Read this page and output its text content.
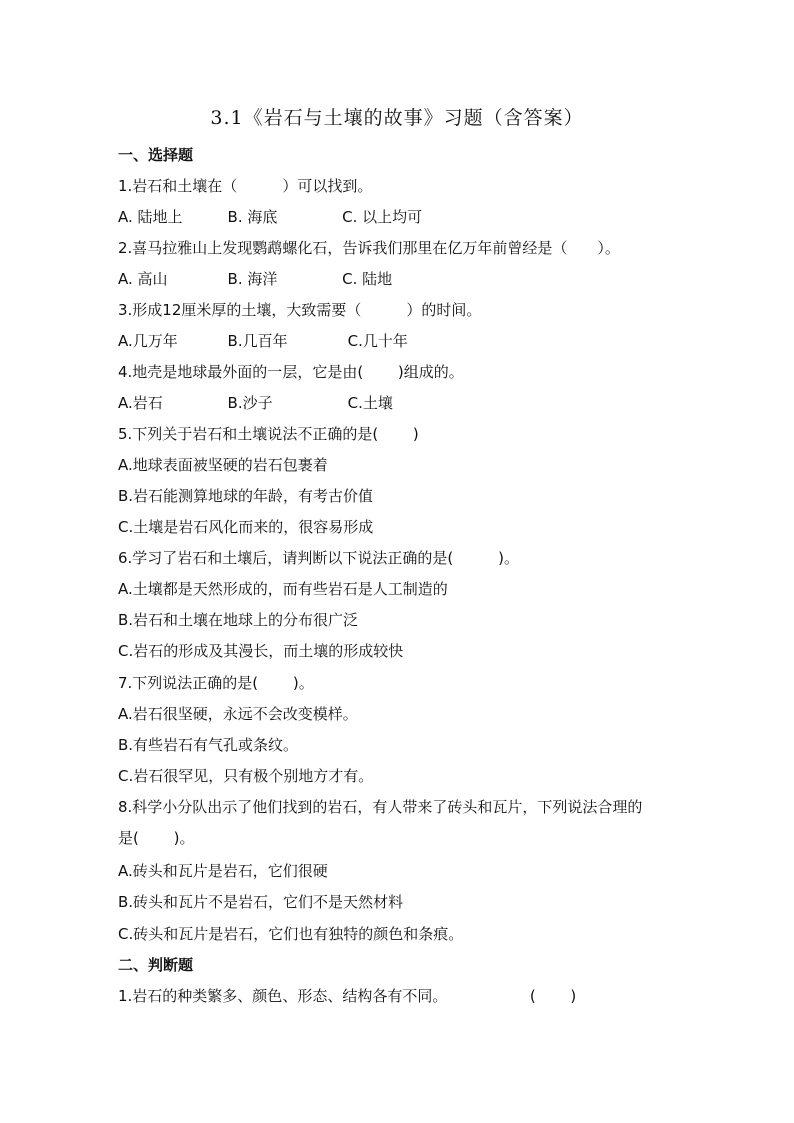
3.1《岩石与土壤的故事》习题（含答案）
一、选择题
1.岩石和土壤在（　　　）可以找到。
A. 陆地上　　　B. 海底　　　　 C. 以上均可
2.喜马拉雅山上发现鹦鹉螺化石，告诉我们那里在亿万年前曾经是（　　）。
A. 高山　　　　B. 海洋　　　　 C. 陆地
3.形成12厘米厚的土壤，大致需要（　　　）的时间。
A.几万年　　　 B.几百年　　　　C.几十年
4.地壳是地球最外面的一层，它是由(　　 )组成的。
A.岩石　　　　 B.沙子　　　　　C.土壤
5.下列关于岩石和土壤说法不正确的是(　　 )
A.地球表面被坚硬的岩石包裹着
B.岩石能测算地球的年龄，有考古价值
C.土壤是岩石风化而来的，很容易形成
6.学习了岩石和土壤后，请判断以下说法正确的是(　　　)。
A.土壤都是天然形成的，而有些岩石是人工制造的
B.岩石和土壤在地球上的分布很广泛
C.岩石的形成及其漫长，而土壤的形成较快
7.下列说法正确的是(　　 )。
A.岩石很坚硬，永远不会改变模样。
B.有些岩石有气孔或条纹。
C.岩石很罕见，只有极个别地方才有。
8.科学小分队出示了他们找到的岩石，有人带来了砖头和瓦片，下列说法合理的
是(　　 )。
A.砖头和瓦片是岩石，它们很硬
B.砖头和瓦片不是岩石，它们不是天然材料
C.砖头和瓦片是岩石，它们也有独特的颜色和条痕。
二、判断题
1.岩石的种类繁多、颜色、形态、结构各有不同。　　　　　　(　　 )
